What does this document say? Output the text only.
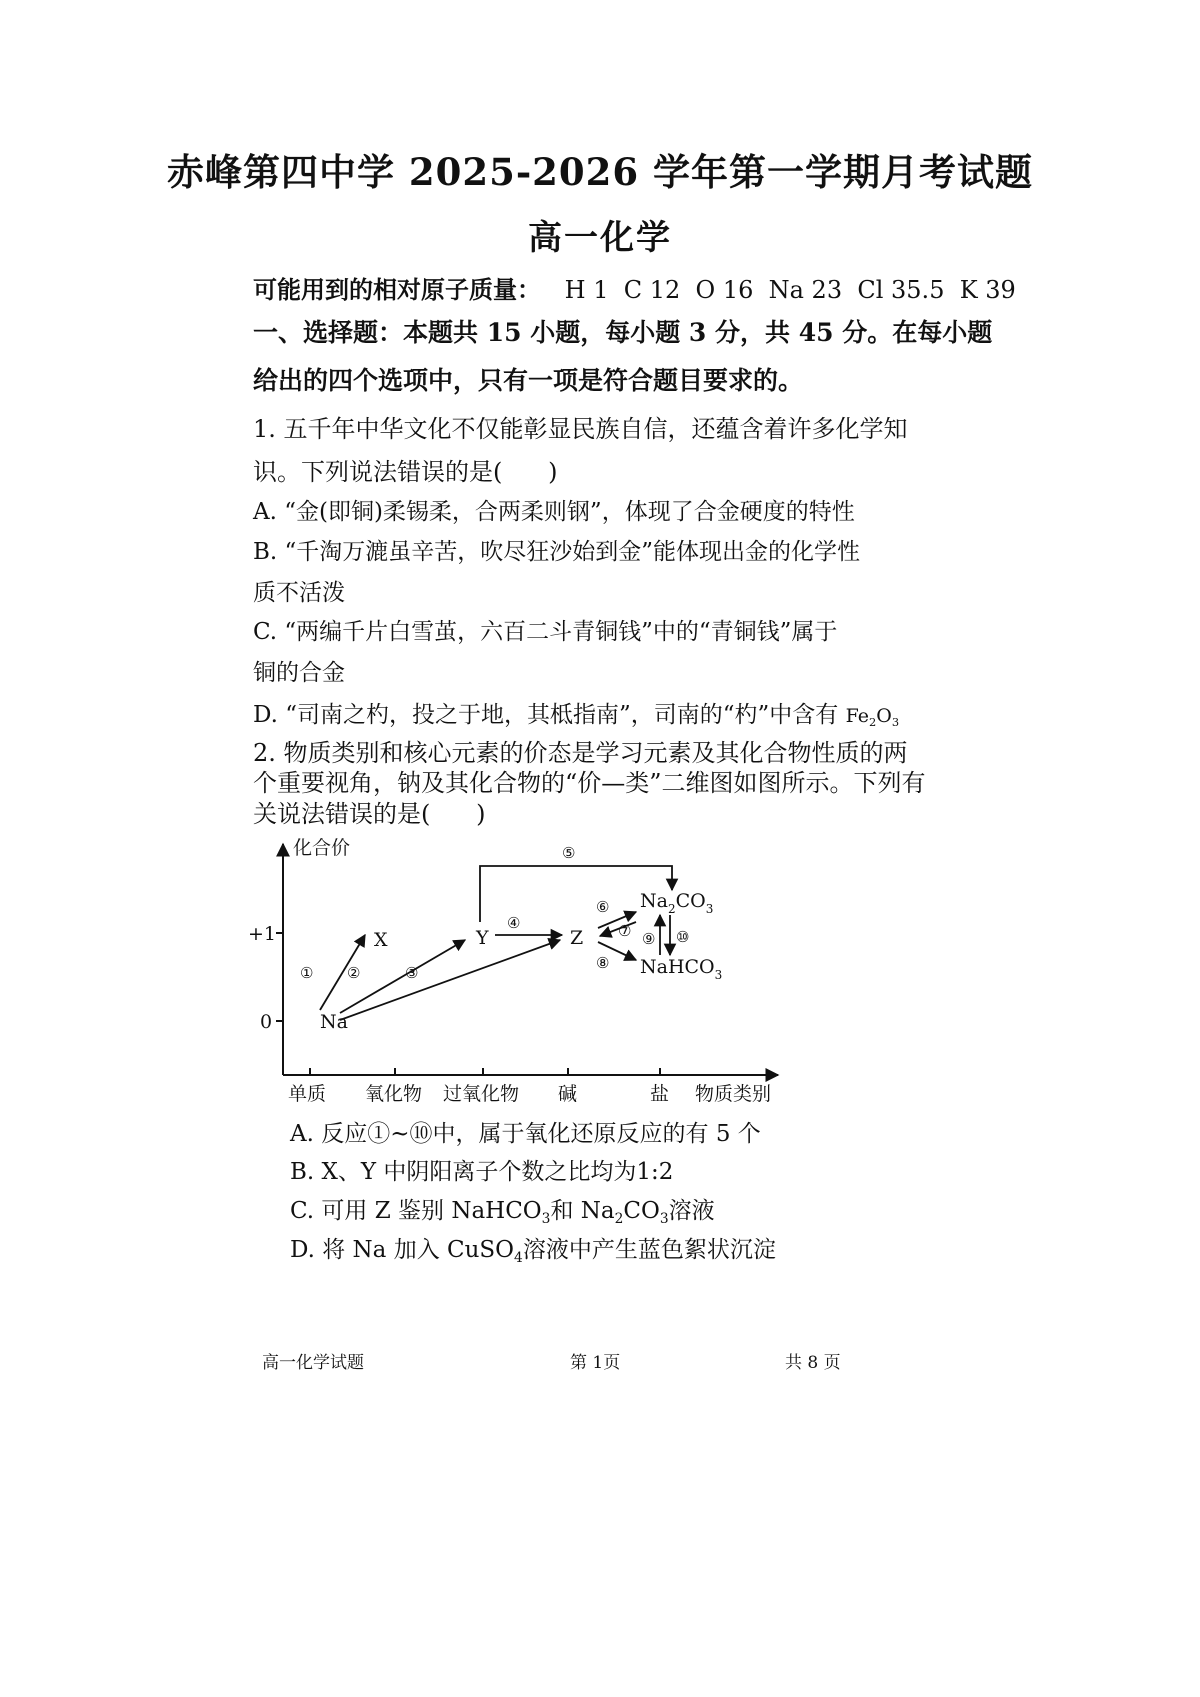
赤峰第四中学 2025-2026 学年第一学期月考试题
高一化学
可能用到的相对原子质量： H 1  C 12  O 16  Na 23  Cl 35.5  K 39
一、选择题：本题共 15 小题，每小题 3 分，共 45 分。在每小题
给出的四个选项中，只有一项是符合题目要求的。
1. 五千年中华文化不仅能彰显民族自信，还蕴含着许多化学知
识。下列说法错误的是(      )
A. “金(即铜)柔锡柔，合两柔则钢”，体现了合金硬度的特性
B. “千淘万漉虽辛苦，吹尽狂沙始到金”能体现出金的化学性
质不活泼
C. “两编千片白雪茧，六百二斗青铜钱”中的“青铜钱”属于
铜的合金
D. “司南之杓，投之于地，其柢指南”，司南的“杓”中含有 $Fe_2O_3$
2. 物质类别和核心元素的价态是学习元素及其化合物性质的两
个重要视角，钠及其化合物的“价—类”二维图如图所示。下列有
关说法错误的是(      )
化合价
+1
0
单质 氧化物 过氧化物 碱	盐 物质类别
Na
X	Y	Z
$Na_2CO_3$
NaHCO$_3$
① ②	③
④
⑤
⑥
⑦
⑧
⑨ ⑩
A. 反应①~⑩中，属于氧化还原反应的有 5 个
B. X、Y 中阴阳离子个数之比均为1:2
C. 可用 Z 鉴别 NaHCO$_3$和 $Na_2CO_3$溶液
D. 将 Na 加入 CuSO$_4$溶液中产生蓝色絮状沉淀
高一化学试题	第 1页	共 8 页
